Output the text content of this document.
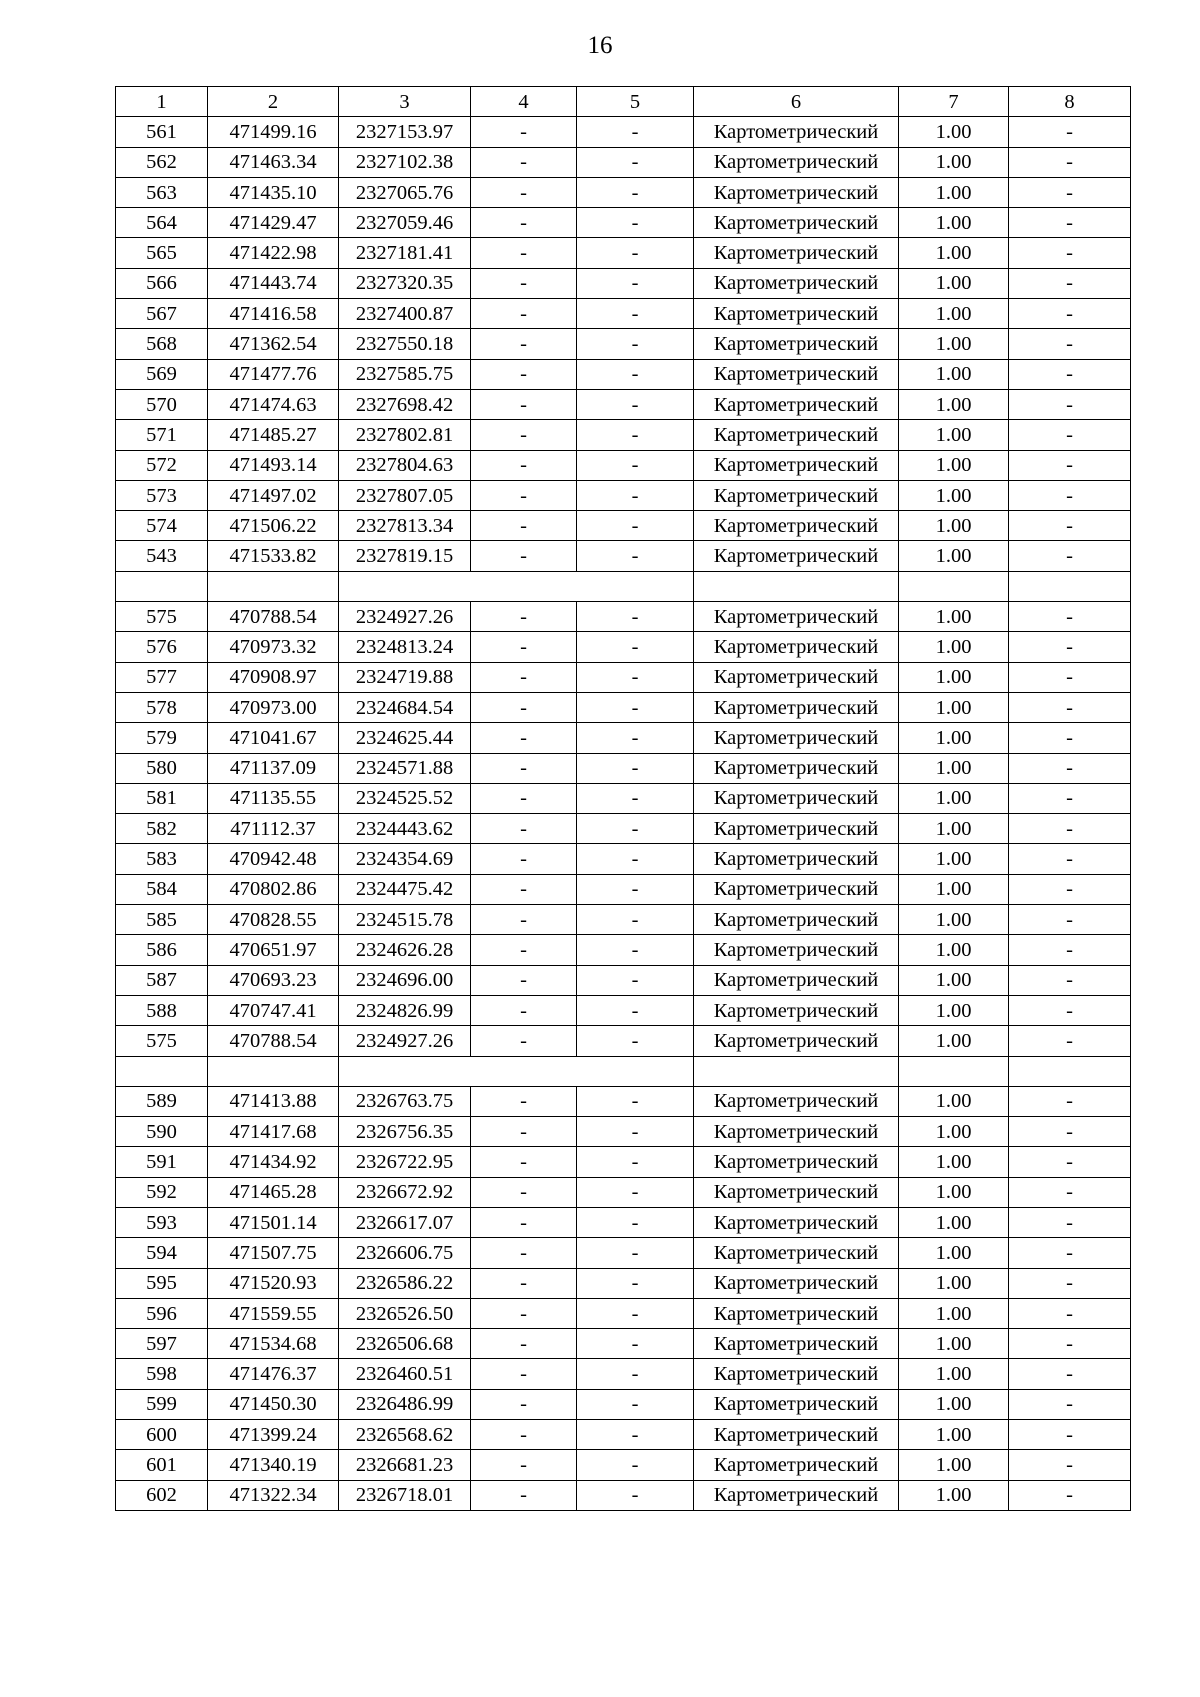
16
1	2	3	4	5	6	7	8
561	471499.16	2327153.97	-	-	Картометрический	1.00	-
562	471463.34	2327102.38	-	-	Картометрический	1.00	-
563	471435.10	2327065.76	-	-	Картометрический	1.00	-
564	471429.47	2327059.46	-	-	Картометрический	1.00	-
565	471422.98	2327181.41	-	-	Картометрический	1.00	-
566	471443.74	2327320.35	-	-	Картометрический	1.00	-
567	471416.58	2327400.87	-	-	Картометрический	1.00	-
568	471362.54	2327550.18	-	-	Картометрический	1.00	-
569	471477.76	2327585.75	-	-	Картометрический	1.00	-
570	471474.63	2327698.42	-	-	Картометрический	1.00	-
571	471485.27	2327802.81	-	-	Картометрический	1.00	-
572	471493.14	2327804.63	-	-	Картометрический	1.00	-
573	471497.02	2327807.05	-	-	Картометрический	1.00	-
574	471506.22	2327813.34	-	-	Картометрический	1.00	-
543	471533.82	2327819.15	-	-	Картометрический	1.00	-

575	470788.54	2324927.26	-	-	Картометрический	1.00	-
576	470973.32	2324813.24	-	-	Картометрический	1.00	-
577	470908.97	2324719.88	-	-	Картометрический	1.00	-
578	470973.00	2324684.54	-	-	Картометрический	1.00	-
579	471041.67	2324625.44	-	-	Картометрический	1.00	-
580	471137.09	2324571.88	-	-	Картометрический	1.00	-
581	471135.55	2324525.52	-	-	Картометрический	1.00	-
582	471112.37	2324443.62	-	-	Картометрический	1.00	-
583	470942.48	2324354.69	-	-	Картометрический	1.00	-
584	470802.86	2324475.42	-	-	Картометрический	1.00	-
585	470828.55	2324515.78	-	-	Картометрический	1.00	-
586	470651.97	2324626.28	-	-	Картометрический	1.00	-
587	470693.23	2324696.00	-	-	Картометрический	1.00	-
588	470747.41	2324826.99	-	-	Картометрический	1.00	-
575	470788.54	2324927.26	-	-	Картометрический	1.00	-

589	471413.88	2326763.75	-	-	Картометрический	1.00	-
590	471417.68	2326756.35	-	-	Картометрический	1.00	-
591	471434.92	2326722.95	-	-	Картометрический	1.00	-
592	471465.28	2326672.92	-	-	Картометрический	1.00	-
593	471501.14	2326617.07	-	-	Картометрический	1.00	-
594	471507.75	2326606.75	-	-	Картометрический	1.00	-
595	471520.93	2326586.22	-	-	Картометрический	1.00	-
596	471559.55	2326526.50	-	-	Картометрический	1.00	-
597	471534.68	2326506.68	-	-	Картометрический	1.00	-
598	471476.37	2326460.51	-	-	Картометрический	1.00	-
599	471450.30	2326486.99	-	-	Картометрический	1.00	-
600	471399.24	2326568.62	-	-	Картометрический	1.00	-
601	471340.19	2326681.23	-	-	Картометрический	1.00	-
602	471322.34	2326718.01	-	-	Картометрический	1.00	-
